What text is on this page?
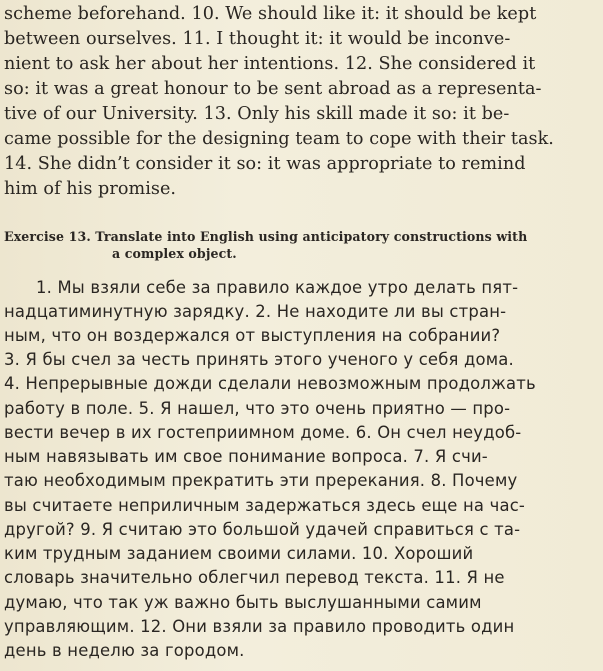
scheme beforehand. 10. We should like it: it should be kept
between ourselves. 11. I thought it: it would be inconve-
nient to ask her about her intentions. 12. She considered it
so: it was a great honour to be sent abroad as a representa-
tive of our University. 13. Only his skill made it so: it be-
came possible for the designing team to cope with their task.
14. She didn’t consider it so: it was appropriate to remind
him of his promise.
Exercise 13. Translate into English using anticipatory constructions with
a complex object.
1. Мы взяли себе за правило каждое утро делать пят-
надцатиминутную зарядку. 2. Не находите ли вы стран-
ным, что он воздержался от выступления на собрании?
3. Я бы счел за честь принять этого ученого у себя дома.
4. Непрерывные дожди сделали невозможным продолжать
работу в поле. 5. Я нашел, что это очень приятно — про-
вести вечер в их гостеприимном доме. 6. Он счел неудоб-
ным навязывать им свое понимание вопроса. 7. Я счи-
таю необходимым прекратить эти пререкания. 8. Почему
вы считаете неприличным задержаться здесь еще на час-
другой? 9. Я считаю это большой удачей справиться с та-
ким трудным заданием своими силами. 10. Хороший
словарь значительно облегчил перевод текста. 11. Я не
думаю, что так уж важно быть выслушанными самим
управляющим. 12. Они взяли за правило проводить один
день в неделю за городом.
